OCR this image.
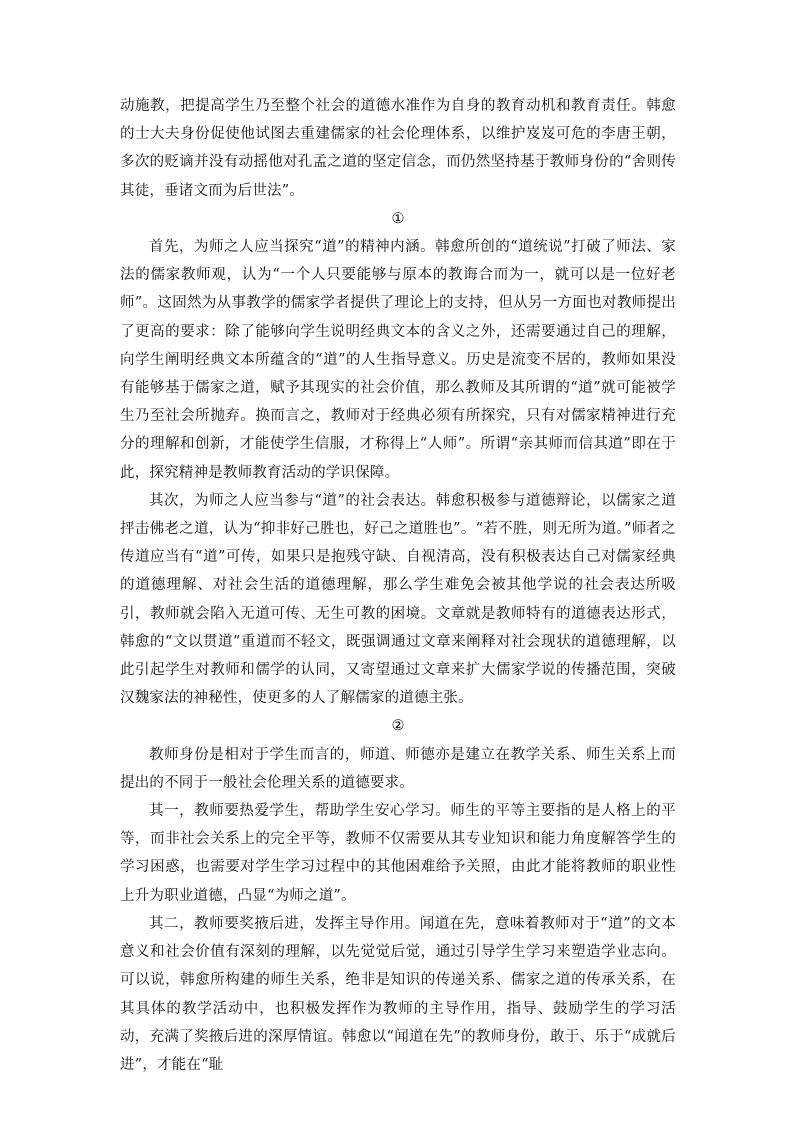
动施教，把提高学生乃至整个社会的道德水准作为自身的教育动机和教育责任。韩愈的士大夫身份促使他试图去重建儒家的社会伦理体系，以维护岌岌可危的李唐王朝，多次的贬谪并没有动摇他对孔孟之道的坚定信念，而仍然坚持基于教师身份的“舍则传其徒，垂诸文而为后世法”。

①

首先，为师之人应当探究“道”的精神内涵。韩愈所创的“道统说”打破了师法、家法的儒家教师观，认为“一个人只要能够与原本的教诲合而为一，就可以是一位好老师”。这固然为从事教学的儒家学者提供了理论上的支持，但从另一方面也对教师提出了更高的要求：除了能够向学生说明经典文本的含义之外，还需要通过自己的理解，向学生阐明经典文本所蕴含的“道”的人生指导意义。历史是流变不居的，教师如果没有能够基于儒家之道，赋予其现实的社会价值，那么教师及其所谓的“道”就可能被学生乃至社会所抛弃。换而言之，教师对于经典必须有所探究，只有对儒家精神进行充分的理解和创新，才能使学生信服，才称得上“人师”。所谓“亲其师而信其道”即在于此，探究精神是教师教育活动的学识保障。

其次，为师之人应当参与“道”的社会表达。韩愈积极参与道德辩论，以儒家之道抨击佛老之道，认为“抑非好己胜也，好己之道胜也”。“若不胜，则无所为道。”师者之传道应当有“道”可传，如果只是抱残守缺、自视清高，没有积极表达自己对儒家经典的道德理解、对社会生活的道德理解，那么学生难免会被其他学说的社会表达所吸引，教师就会陷入无道可传、无生可教的困境。文章就是教师特有的道德表达形式，韩愈的“文以贯道”重道而不轻文，既强调通过文章来阐释对社会现状的道德理解，以此引起学生对教师和儒学的认同，又寄望通过文章来扩大儒家学说的传播范围，突破汉魏家法的神秘性，使更多的人了解儒家的道德主张。

②

教师身份是相对于学生而言的，师道、师德亦是建立在教学关系、师生关系上而提出的不同于一般社会伦理关系的道德要求。

其一，教师要热爱学生，帮助学生安心学习。师生的平等主要指的是人格上的平等，而非社会关系上的完全平等，教师不仅需要从其专业知识和能力角度解答学生的学习困惑，也需要对学生学习过程中的其他困难给予关照，由此才能将教师的职业性上升为职业道德，凸显“为师之道”。

其二，教师要奖掖后进，发挥主导作用。闻道在先，意味着教师对于“道”的文本意义和社会价值有深刻的理解，以先觉觉后觉，通过引导学生学习来塑造学业志向。可以说，韩愈所构建的师生关系，绝非是知识的传递关系、儒家之道的传承关系，在其具体的教学活动中，也积极发挥作为教师的主导作用，指导、鼓励学生的学习活动，充满了奖掖后进的深厚情谊。韩愈以“闻道在先”的教师身份，敢于、乐于“成就后进”，才能在“耻
